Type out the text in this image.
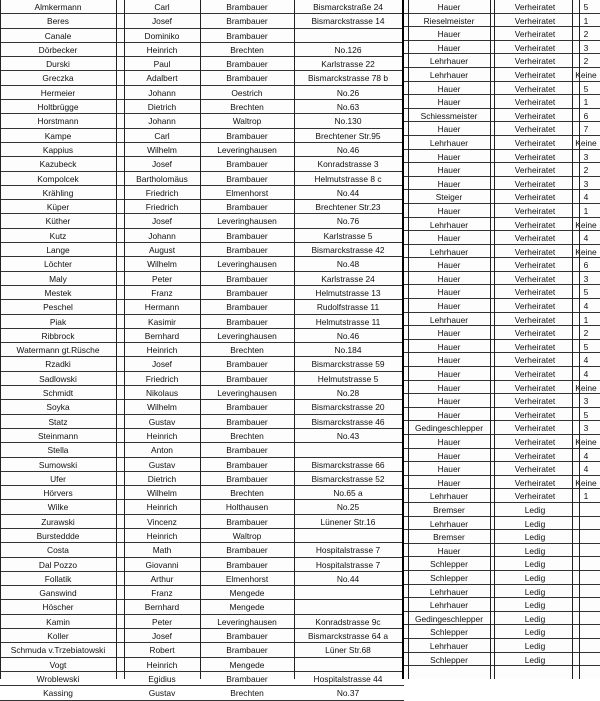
Almkermann	Carl	Brambauer	Bismarckstraße 24
Beres	Josef	Brambauer	Bismarckstrasse 14
Canale	Dominiko	Brambauer
Dörbecker	Heinrich	Brechten	No.126
Durski	Paul	Brambauer	Karlstrasse 22
Greczka	Adalbert	Brambauer	Bismarckstrasse 78 b
Hermeier	Johann	Oestrich	No.26
Holtbrügge	Dietrich	Brechten	No.63
Horstmann	Johann	Waltrop	No.130
Kampe	Carl	Brambauer	Brechtener Str.95
Kappius	Wilhelm	Leveringhausen	No.46
Kazubeck	Josef	Brambauer	Konradstrasse 3
Kompolcek	Bartholomäus	Brambauer	Helmutstrasse 8 c
Krähling	Friedrich	Elmenhorst	No.44
Küper	Friedrich	Brambauer	Brechtener Str.23
Küther	Josef	Leveringhausen	No.76
Kutz	Johann	Brambauer	Karlstrasse 5
Lange	August	Brambauer	Bismarckstrasse 42
Löchter	Wilhelm	Leveringhausen	No.48
Maly	Peter	Brambauer	Karlstrasse 24
Mestek	Franz	Brambauer	Helmutstrasse 13
Peschel	Hermann	Brambauer	Rudolfstrasse 11
Piak	Kasimir	Brambauer	Helmutstrasse 11
Ribbrock	Bernhard	Leveringhausen	No.46
Watermann gt.Rüsche	Heinrich	Brechten	No.184
Rzadki	Josef	Brambauer	Bismarckstrasse 59
Sadlowski	Friedrich	Brambauer	Helmutstrasse 5
Schmidt	Nikolaus	Leveringhausen	No.28
Soyka	Wilhelm	Brambauer	Bismarckstrasse 20
Statz	Gustav	Brambauer	Bismarckstrasse 46
Steinmann	Heinrich	Brechten	No.43
Stella	Anton	Brambauer
Sumowski	Gustav	Brambauer	Bismarckstrasse 66
Ufer	Dietrich	Brambauer	Bismarckstrasse 52
Hörvers	Wilhelm	Brechten	No.65 a
Wilke	Heinrich	Holthausen	No.25
Zurawski	Vincenz	Brambauer	Lünener Str.16
Bursteddde	Heinrich	Waltrop
Costa	Math	Brambauer	Hospitalstrasse 7
Dal Pozzo	Giovanni	Brambauer	Hospitalstrasse 7
Follatik	Arthur	Elmenhorst	No.44
Ganswind	Franz	Mengede
Höscher	Bernhard	Mengede
Kamin	Peter	Leveringhausen	Konradstrasse 9c
Koller	Josef	Brambauer	Bismarckstrasse 64 a
Schmuda v.Trzebiatowski	Robert	Brambauer	Lüner Str.68
Vogt	Heinrich	Mengede
Wroblewski	Egidius	Brambauer	Hospitalstrasse 44
Kassing	Gustav	Brechten	No.37
Hauer	Verheiratet	5
Rieselmeister	Verheiratet	1
Hauer	Verheiratet	2
Hauer	Verheiratet	3
Lehrhauer	Verheiratet	2
Lehrhauer	Verheiratet	Keine
Hauer	Verheiratet	5
Hauer	Verheiratet	1
Schiessmeister	Verheiratet	6
Hauer	Verheiratet	7
Lehrhauer	Verheiratet	Keine
Hauer	Verheiratet	3
Hauer	Verheiratet	2
Hauer	Verheiratet	3
Steiger	Verheiratet	4
Hauer	Verheiratet	1
Lehrhauer	Verheiratet	Keine
Hauer	Verheiratet	4
Lehrhauer	Verheiratet	Keine
Hauer	Verheiratet	6
Hauer	Verheiratet	3
Hauer	Verheiratet	5
Hauer	Verheiratet	4
Lehrhauer	Verheiratet	1
Hauer	Verheiratet	2
Hauer	Verheiratet	5
Hauer	Verheiratet	4
Hauer	Verheiratet	4
Hauer	Verheiratet	Keine
Hauer	Verheiratet	3
Hauer	Verheiratet	5
Gedingeschlepper	Verheiratet	3
Hauer	Verheiratet	Keine
Hauer	Verheiratet	4
Hauer	Verheiratet	4
Hauer	Verheiratet	Keine
Lehrhauer	Verheiratet	1
Bremser	Ledig
Lehrhauer	Ledig
Bremser	Ledig
Hauer	Ledig
Schlepper	Ledig
Schlepper	Ledig
Lehrhauer	Ledig
Lehrhauer	Ledig
Gedingeschlepper	Ledig
Schlepper	Ledig
Lehrhauer	Ledig
Schlepper	Ledig
